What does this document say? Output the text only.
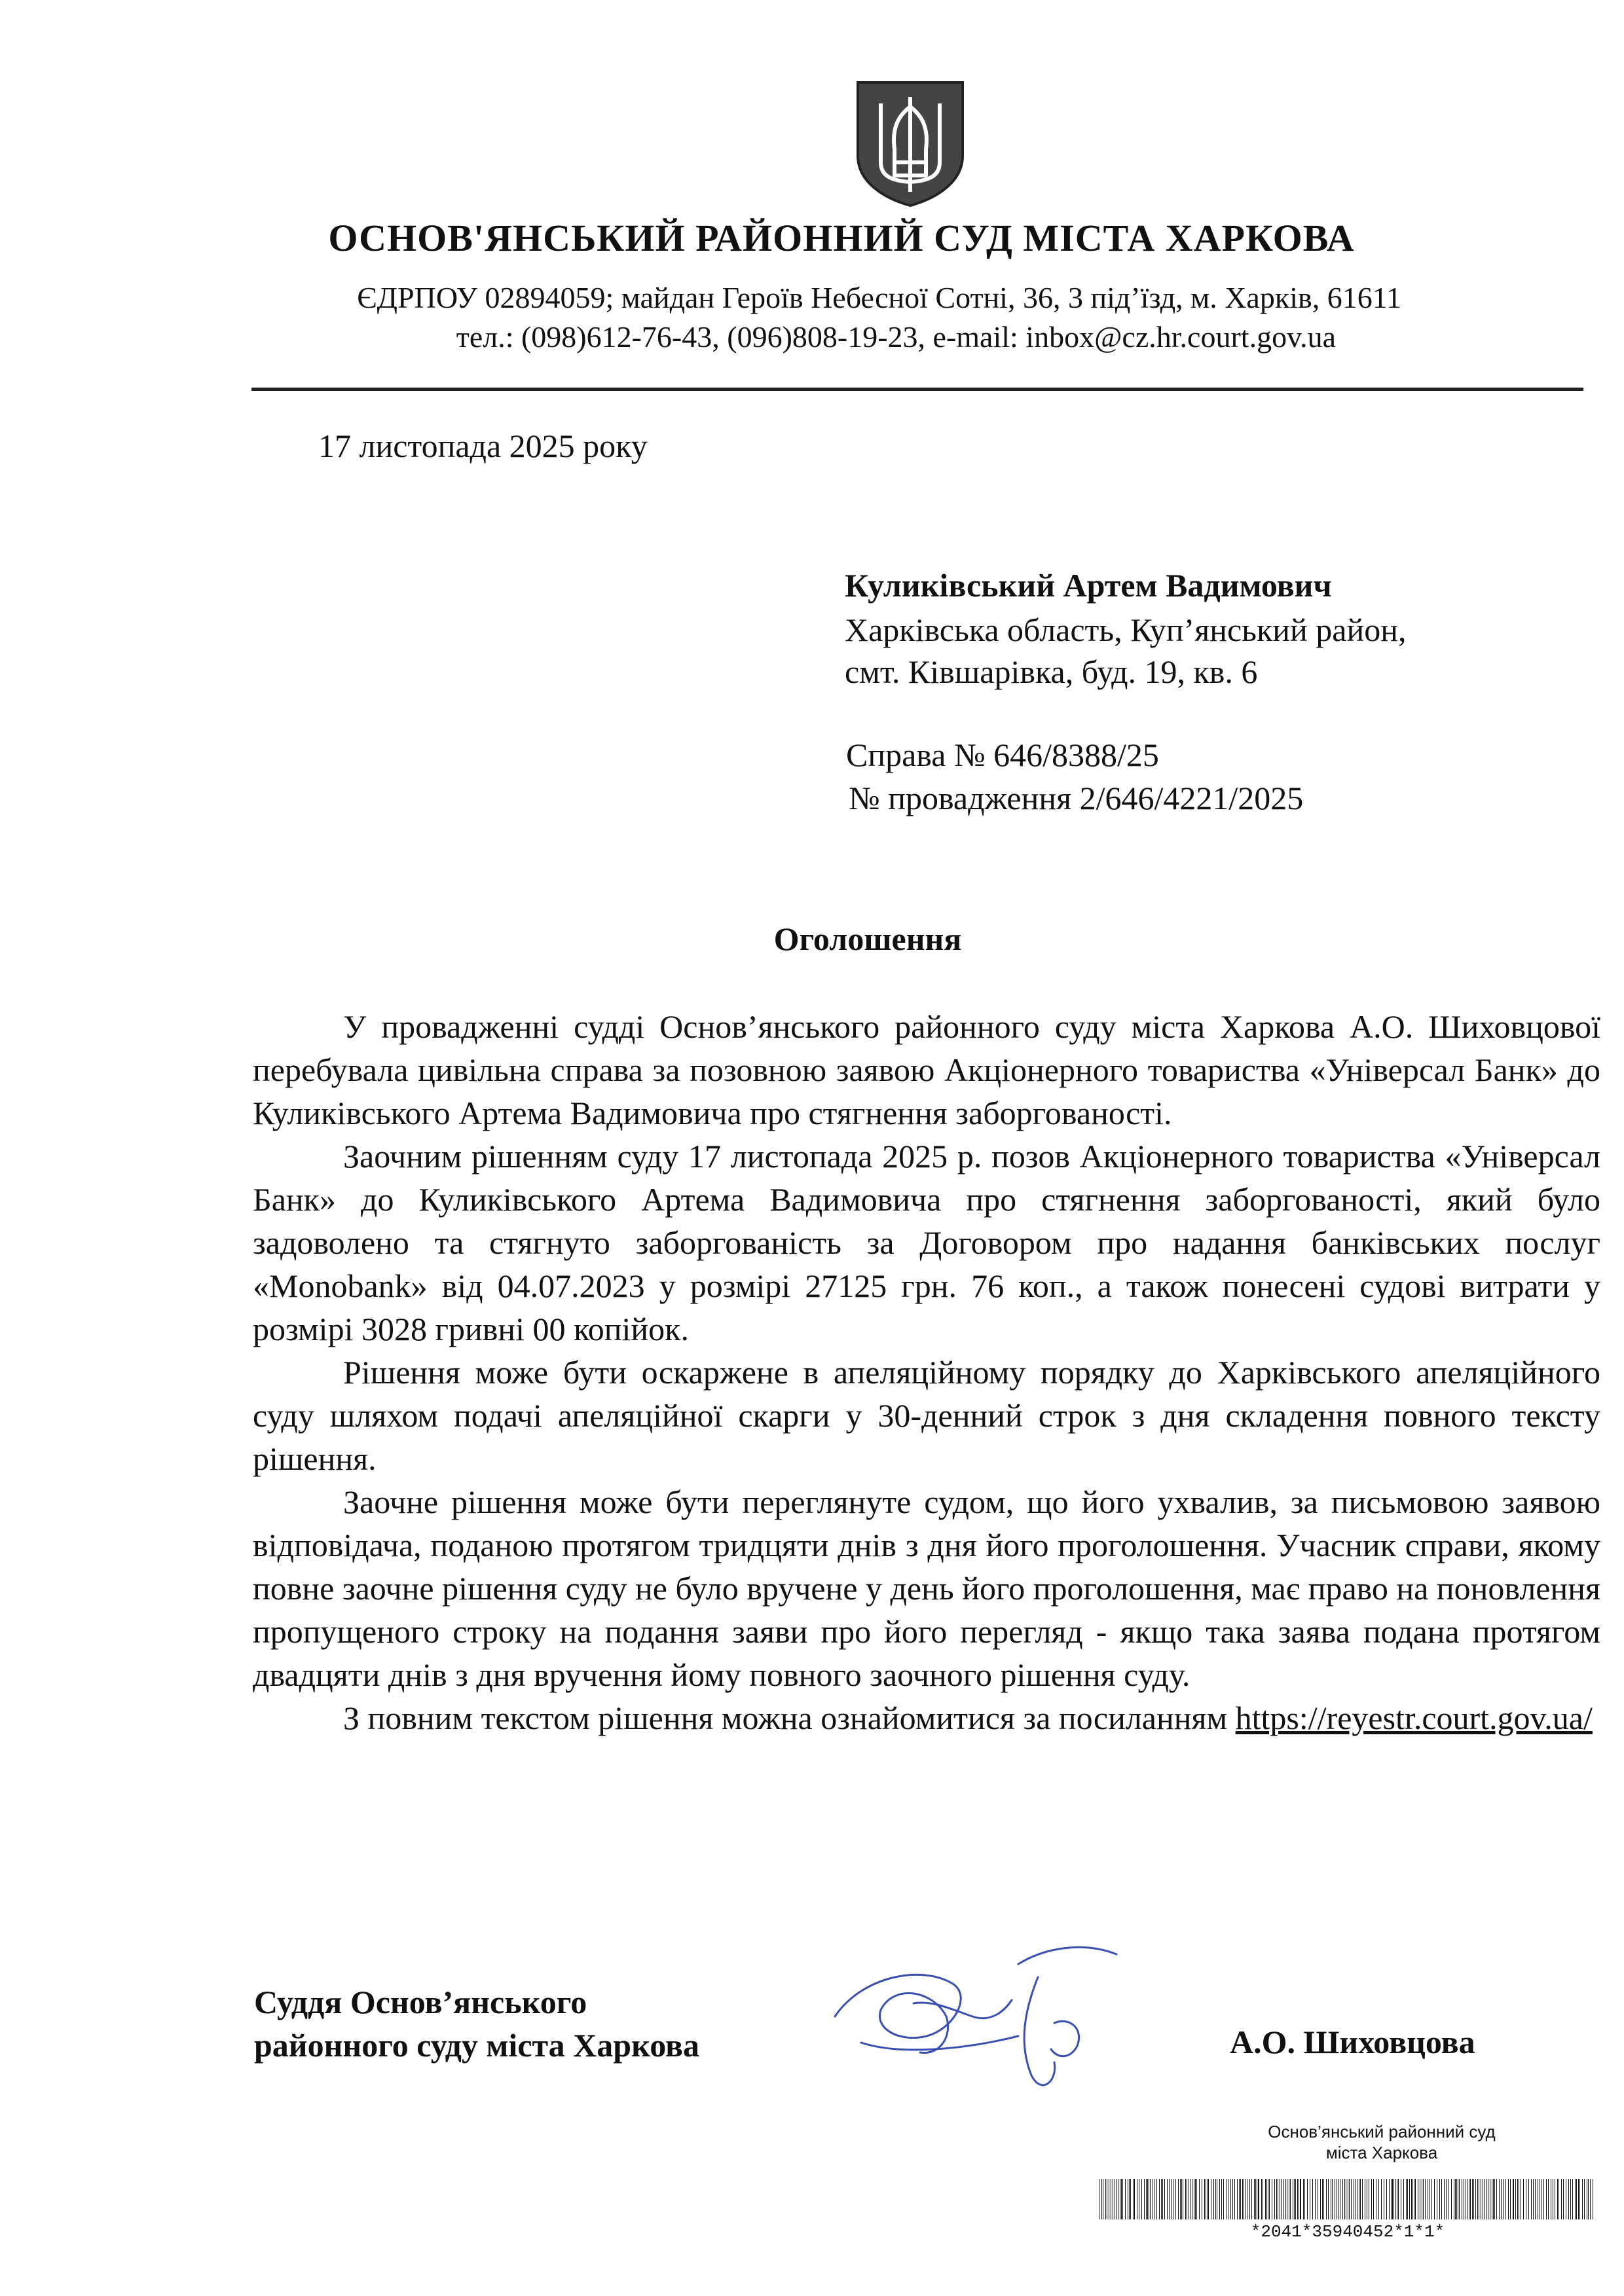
ОСНОВ'ЯНСЬКИЙ РАЙОННИЙ СУД МІСТА ХАРКОВА
ЄДРПОУ 02894059; майдан Героїв Небесної Сотні, 36, 3 під’їзд, м. Харків, 61611
тел.: (098)612-76-43, (096)808-19-23, e-mail: inbox@cz.hr.court.gov.ua
17 листопада 2025 року
Куликівський Артем Вадимович
Харківська область, Куп’янський район,
смт. Ківшарівка, буд. 19, кв. 6
Справа № 646/8388/25
№ провадження 2/646/4221/2025
Оголошення

У провадженні судді Основ’янського районного суду міста Харкова А.О. Шиховцової перебувала цивільна справа за позовною заявою Акціонерного товариства «Універсал Банк» до Куликівського Артема Вадимовича про стягнення заборгованості.

Заочним рішенням суду 17 листопада 2025 р. позов Акціонерного товариства «Універсал Банк» до Куликівського Артема Вадимовича про стягнення заборгованості, який було задоволено та стягнуто заборгованість за Договором про надання банківських послуг «Monobank» від 04.07.2023 у розмірі 27125 грн. 76 коп., а також понесені судові витрати у розмірі 3028 гривні 00 копійок.

Рішення може бути оскаржене в апеляційному порядку до Харківського апеляційного суду шляхом подачі апеляційної скарги у 30-денний строк з дня складення повного тексту рішення.

Заочне рішення може бути переглянуте судом, що його ухвалив, за письмовою заявою відповідача, поданою протягом тридцяти днів з дня його проголошення. Учасник справи, якому повне заочне рішення суду не було вручене у день його проголошення, має право на поновлення пропущеного строку на подання заяви про його перегляд - якщо така заява подана протягом двадцяти днів з дня вручення йому повного заочного рішення суду.

З повним текстом рішення можна ознайомитися за посиланням https://reyestr.court.gov.ua/

Суддя Основ’янського
районного суду міста Харкова	А.О. Шиховцова
Основ’янський районний суд
міста Харкова
*2041*35940452*1*1*
